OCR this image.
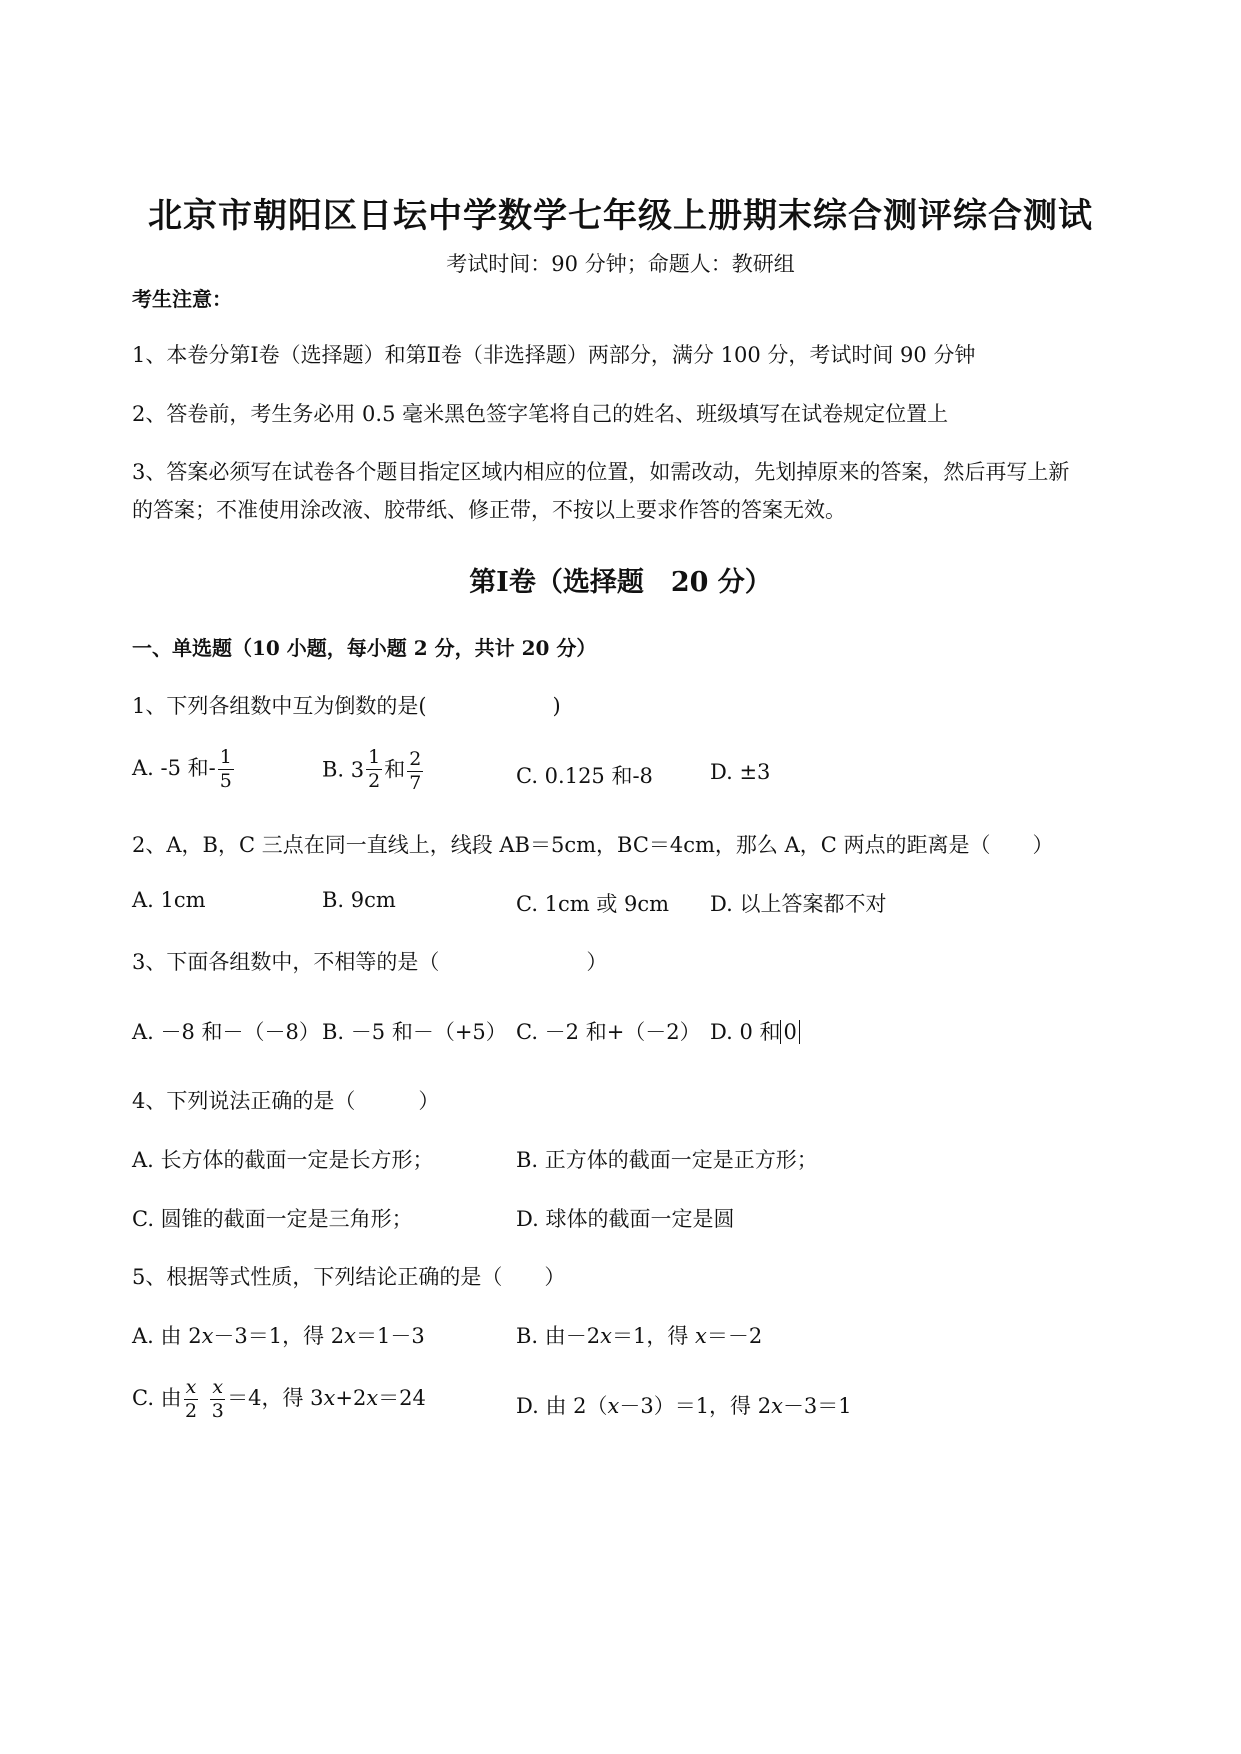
北京市朝阳区日坛中学数学七年级上册期末综合测评综合测试
考试时间：90 分钟；命题人：教研组
考生注意：
1、本卷分第Ⅰ卷（选择题）和第Ⅱ卷（非选择题）两部分，满分 100 分，考试时间 90 分钟
2、答卷前，考生务必用 0.5 毫米黑色签字笔将自己的姓名、班级填写在试卷规定位置上
3、答案必须写在试卷各个题目指定区域内相应的位置，如需改动，先划掉原来的答案，然后再写上新
的答案；不准使用涂改液、胶带纸、修正带，不按以上要求作答的答案无效。
第Ⅰ卷（选择题　20 分）
一、单选题（10 小题，每小题 2 分，共计 20 分）
1、下列各组数中互为倒数的是(　　　　　　)
A. -5 和- $\frac{1}{5}$	B. $3 \frac{1}{2}$ 和 $\frac{2}{7}$	C. 0.125 和-8	D. ±3
2、A，B，C 三点在同一直线上，线段 AB＝5cm，BC＝4cm，那么 A，C 两点的距离是（　　）
A. 1cm	B. 9cm	C. 1cm 或 9cm D. 以上答案都不对
3、下面各组数中，不相等的是（　　　　　　　）
A. －8 和－（－8） B. －5 和－（+5） C. －2 和+（－2） D. 0 和 0
4、下列说法正确的是（　　　）
A. 长方体的截面一定是长方形；	B. 正方体的截面一定是正方形；
C. 圆锥的截面一定是三角形；	D. 球体的截面一定是圆
5、根据等式性质，下列结论正确的是（　　）
A. 由 2x－3＝1，得 2x＝1－3	B. 由－2x＝1，得 x＝－2
C. 由 $\frac{x}{2} \frac{x}{3} =4$，得 3x+2x＝24	D. 由 2（x－3）＝1，得 2x－3＝1
